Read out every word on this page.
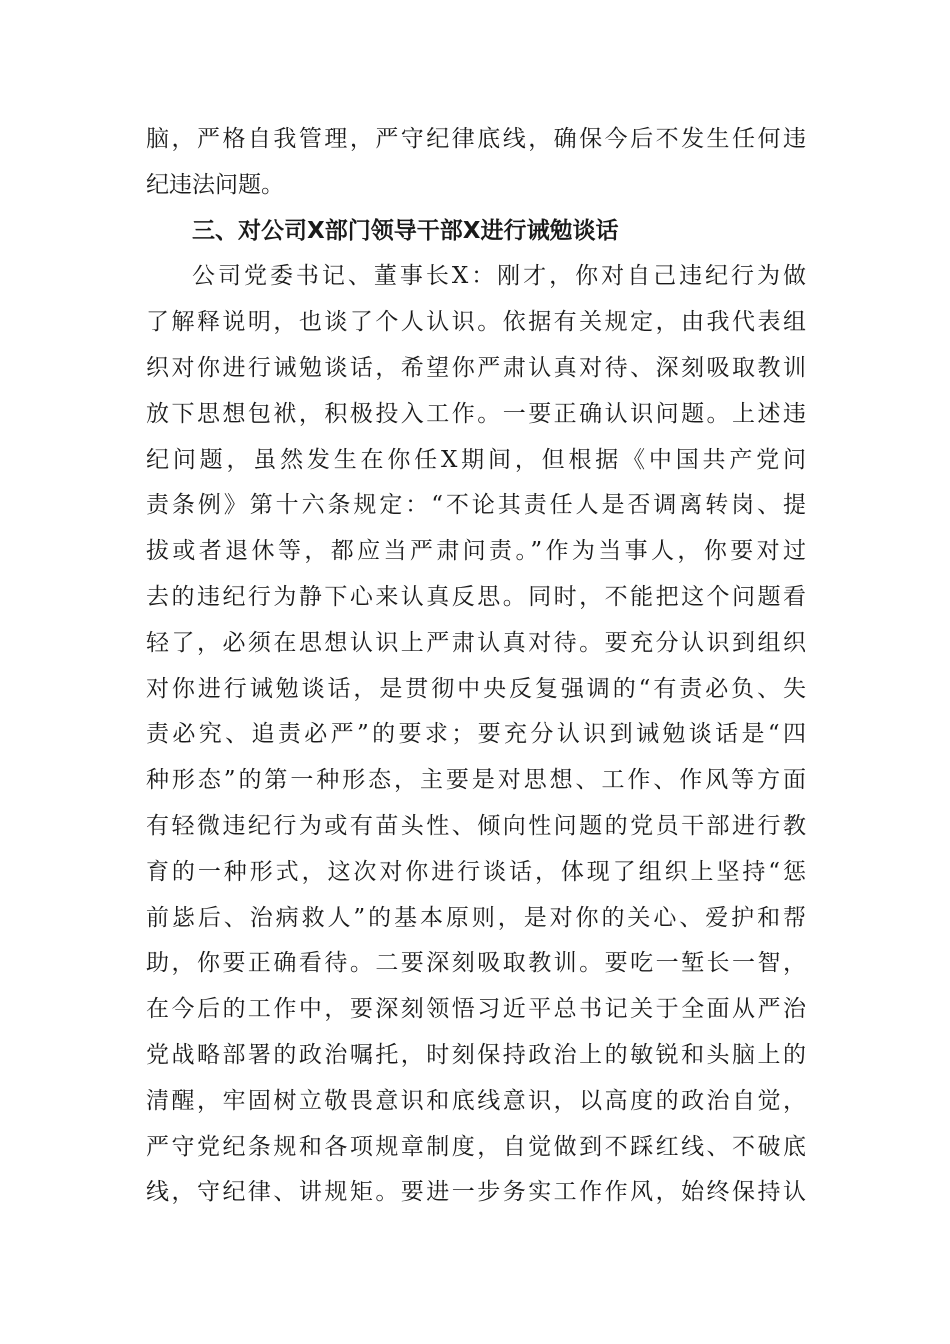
脑，严格自我管理，严守纪律底线，确保今后不发生任何违
纪违法问题。
三、对公司X部门领导干部X进行诫勉谈话
公司党委书记、董事长X：刚才，你对自己违纪行为做
了解释说明，也谈了个人认识。依据有关规定，由我代表组
织对你进行诫勉谈话，希望你严肃认真对待、深刻吸取教训
放下思想包袱，积极投入工作。一要正确认识问题。上述违
纪问题，虽然发生在你任X期间，但根据《中国共产党问
责条例》第十六条规定：“不论其责任人是否调离转岗、提
拔或者退休等，都应当严肃问责。”作为当事人，你要对过
去的违纪行为静下心来认真反思。同时，不能把这个问题看
轻了，必须在思想认识上严肃认真对待。要充分认识到组织
对你进行诫勉谈话，是贯彻中央反复强调的“有责必负、失
责必究、追责必严”的要求；要充分认识到诫勉谈话是“四
种形态”的第一种形态，主要是对思想、工作、作风等方面
有轻微违纪行为或有苗头性、倾向性问题的党员干部进行教
育的一种形式，这次对你进行谈话，体现了组织上坚持“惩
前毖后、治病救人”的基本原则，是对你的关心、爱护和帮
助，你要正确看待。二要深刻吸取教训。要吃一堑长一智，
在今后的工作中，要深刻领悟习近平总书记关于全面从严治
党战略部署的政治嘱托，时刻保持政治上的敏锐和头脑上的
清醒，牢固树立敬畏意识和底线意识，以高度的政治自觉，
严守党纪条规和各项规章制度，自觉做到不踩红线、不破底
线，守纪律、讲规矩。要进一步务实工作作风，始终保持认
